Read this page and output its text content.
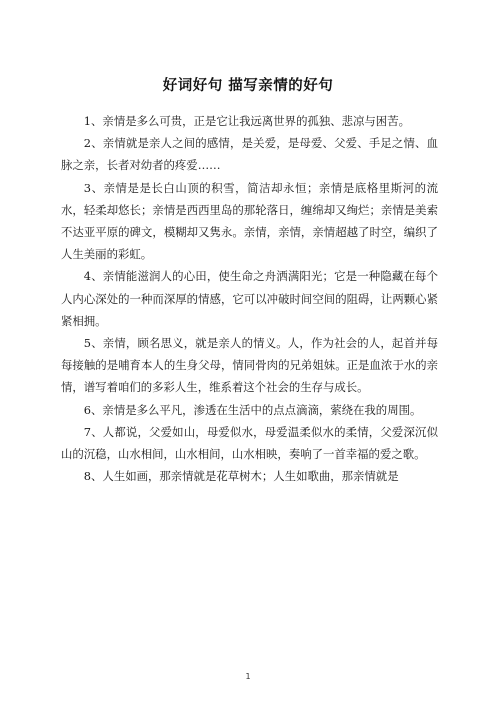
好词好句 描写亲情的好句

1、亲情是多么可贵，正是它让我远离世界的孤独、悲凉与困苦。

2、亲情就是亲人之间的感情，是关爱，是母爱、父爱、手足之情、血脉之亲，长者对幼者的疼爱……

3、亲情是是长白山顶的积雪，简洁却永恒；亲情是底格里斯河的流水，轻柔却悠长；亲情是西西里岛的那轮落日，缠绵却又绚烂；亲情是美索不达亚平原的碑文，模糊却又隽永。亲情，亲情，亲情超越了时空，编织了人生美丽的彩虹。

4、亲情能滋润人的心田，使生命之舟洒满阳光；它是一种隐藏在每个人内心深处的一种而深厚的情感，它可以冲破时间空间的阻碍，让两颗心紧紧相拥。

5、亲情，顾名思义，就是亲人的情义。人，作为社会的人，起首并每每接触的是哺育本人的生身父母，情同骨肉的兄弟姐妹。正是血浓于水的亲情，谱写着咱们的多彩人生，维系着这个社会的生存与成长。

6、亲情是多么平凡，渗透在生活中的点点滴滴，萦绕在我的周围。

7、人都说，父爱如山，母爱似水，母爱温柔似水的柔情，父爱深沉似山的沉稳，山水相间，山水相间，山水相映，奏响了一首幸福的爱之歌。

8、人生如画，那亲情就是花草树木；人生如歌曲，那亲情就是

1
